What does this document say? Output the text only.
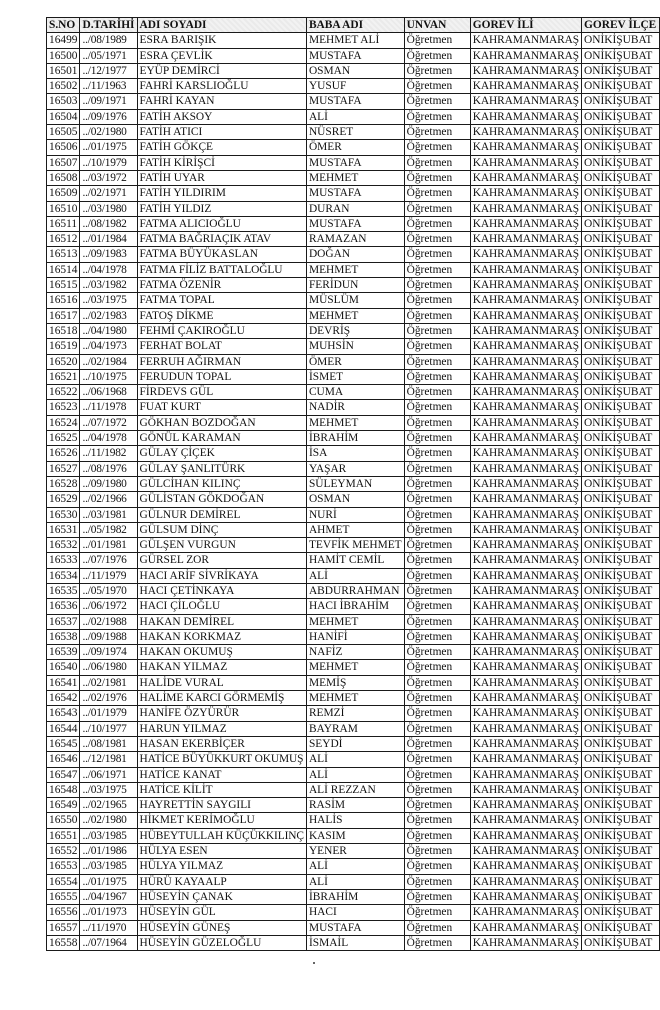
S.NO	D.TARİHİ	ADI SOYADI	BABA ADI	UNVAN	GOREV İLİ	GOREV İLÇE
16499	../08/1989	ESRA BARIŞIK	MEHMET ALİ	Öğretmen	KAHRAMANMARAŞ	ONİKİŞUBAT
16500	../05/1971	ESRA ÇEVLİK	MUSTAFA	Öğretmen	KAHRAMANMARAŞ	ONİKİŞUBAT
16501	../12/1977	EYÜP DEMİRCİ	OSMAN	Öğretmen	KAHRAMANMARAŞ	ONİKİŞUBAT
16502	../11/1963	FAHRİ KARSLIOĞLU	YUSUF	Öğretmen	KAHRAMANMARAŞ	ONİKİŞUBAT
16503	../09/1971	FAHRİ KAYAN	MUSTAFA	Öğretmen	KAHRAMANMARAŞ	ONİKİŞUBAT
16504	../09/1976	FATİH AKSOY	ALİ	Öğretmen	KAHRAMANMARAŞ	ONİKİŞUBAT
16505	../02/1980	FATİH ATICI	NÜSRET	Öğretmen	KAHRAMANMARAŞ	ONİKİŞUBAT
16506	../01/1975	FATİH GÖKÇE	ÖMER	Öğretmen	KAHRAMANMARAŞ	ONİKİŞUBAT
16507	../10/1979	FATİH KİRİŞCİ	MUSTAFA	Öğretmen	KAHRAMANMARAŞ	ONİKİŞUBAT
16508	../03/1972	FATİH UYAR	MEHMET	Öğretmen	KAHRAMANMARAŞ	ONİKİŞUBAT
16509	../02/1971	FATİH YILDIRIM	MUSTAFA	Öğretmen	KAHRAMANMARAŞ	ONİKİŞUBAT
16510	../03/1980	FATİH YILDIZ	DURAN	Öğretmen	KAHRAMANMARAŞ	ONİKİŞUBAT
16511	../08/1982	FATMA ALICIOĞLU	MUSTAFA	Öğretmen	KAHRAMANMARAŞ	ONİKİŞUBAT
16512	../01/1984	FATMA BAĞRIAÇIK ATAV	RAMAZAN	Öğretmen	KAHRAMANMARAŞ	ONİKİŞUBAT
16513	../09/1983	FATMA BÜYÜKASLAN	DOĞAN	Öğretmen	KAHRAMANMARAŞ	ONİKİŞUBAT
16514	../04/1978	FATMA FİLİZ BATTALOĞLU	MEHMET	Öğretmen	KAHRAMANMARAŞ	ONİKİŞUBAT
16515	../03/1982	FATMA ÖZENİR	FERİDUN	Öğretmen	KAHRAMANMARAŞ	ONİKİŞUBAT
16516	../03/1975	FATMA TOPAL	MÜSLÜM	Öğretmen	KAHRAMANMARAŞ	ONİKİŞUBAT
16517	../02/1983	FATOŞ DİKME	MEHMET	Öğretmen	KAHRAMANMARAŞ	ONİKİŞUBAT
16518	../04/1980	FEHMİ ÇAKIROĞLU	DEVRİŞ	Öğretmen	KAHRAMANMARAŞ	ONİKİŞUBAT
16519	../04/1973	FERHAT BOLAT	MUHSİN	Öğretmen	KAHRAMANMARAŞ	ONİKİŞUBAT
16520	../02/1984	FERRUH AĞIRMAN	ÖMER	Öğretmen	KAHRAMANMARAŞ	ONİKİŞUBAT
16521	../10/1975	FERUDUN TOPAL	İSMET	Öğretmen	KAHRAMANMARAŞ	ONİKİŞUBAT
16522	../06/1968	FİRDEVS GÜL	CUMA	Öğretmen	KAHRAMANMARAŞ	ONİKİŞUBAT
16523	../11/1978	FUAT KURT	NADİR	Öğretmen	KAHRAMANMARAŞ	ONİKİŞUBAT
16524	../07/1972	GÖKHAN BOZDOĞAN	MEHMET	Öğretmen	KAHRAMANMARAŞ	ONİKİŞUBAT
16525	../04/1978	GÖNÜL KARAMAN	İBRAHİM	Öğretmen	KAHRAMANMARAŞ	ONİKİŞUBAT
16526	../11/1982	GÜLAY ÇİÇEK	İSA	Öğretmen	KAHRAMANMARAŞ	ONİKİŞUBAT
16527	../08/1976	GÜLAY ŞANLITÜRK	YAŞAR	Öğretmen	KAHRAMANMARAŞ	ONİKİŞUBAT
16528	../09/1980	GÜLCİHAN KILINÇ	SÜLEYMAN	Öğretmen	KAHRAMANMARAŞ	ONİKİŞUBAT
16529	../02/1966	GÜLİSTAN GÖKDOĞAN	OSMAN	Öğretmen	KAHRAMANMARAŞ	ONİKİŞUBAT
16530	../03/1981	GÜLNUR DEMİREL	NURİ	Öğretmen	KAHRAMANMARAŞ	ONİKİŞUBAT
16531	../05/1982	GÜLSUM DİNÇ	AHMET	Öğretmen	KAHRAMANMARAŞ	ONİKİŞUBAT
16532	../01/1981	GÜLŞEN VURGUN	TEVFİK MEHMET	Öğretmen	KAHRAMANMARAŞ	ONİKİŞUBAT
16533	../07/1976	GÜRSEL ZOR	HAMİT CEMİL	Öğretmen	KAHRAMANMARAŞ	ONİKİŞUBAT
16534	../11/1979	HACI ARİF SİVRİKAYA	ALİ	Öğretmen	KAHRAMANMARAŞ	ONİKİŞUBAT
16535	../05/1970	HACI ÇETİNKAYA	ABDURRAHMAN	Öğretmen	KAHRAMANMARAŞ	ONİKİŞUBAT
16536	../06/1972	HACI ÇİLOĞLU	HACI İBRAHİM	Öğretmen	KAHRAMANMARAŞ	ONİKİŞUBAT
16537	../02/1988	HAKAN DEMİREL	MEHMET	Öğretmen	KAHRAMANMARAŞ	ONİKİŞUBAT
16538	../09/1988	HAKAN KORKMAZ	HANİFİ	Öğretmen	KAHRAMANMARAŞ	ONİKİŞUBAT
16539	../09/1974	HAKAN OKUMUŞ	NAFİZ	Öğretmen	KAHRAMANMARAŞ	ONİKİŞUBAT
16540	../06/1980	HAKAN YILMAZ	MEHMET	Öğretmen	KAHRAMANMARAŞ	ONİKİŞUBAT
16541	../02/1981	HALİDE VURAL	MEMİŞ	Öğretmen	KAHRAMANMARAŞ	ONİKİŞUBAT
16542	../02/1976	HALİME KARCI GÖRMEMİŞ	MEHMET	Öğretmen	KAHRAMANMARAŞ	ONİKİŞUBAT
16543	../01/1979	HANİFE ÖZYÜRÜR	REMZİ	Öğretmen	KAHRAMANMARAŞ	ONİKİŞUBAT
16544	../10/1977	HARUN YILMAZ	BAYRAM	Öğretmen	KAHRAMANMARAŞ	ONİKİŞUBAT
16545	../08/1981	HASAN EKERBİÇER	SEYDİ	Öğretmen	KAHRAMANMARAŞ	ONİKİŞUBAT
16546	../12/1981	HATİCE BÜYÜKKURT OKUMUŞ	ALİ	Öğretmen	KAHRAMANMARAŞ	ONİKİŞUBAT
16547	../06/1971	HATİCE KANAT	ALİ	Öğretmen	KAHRAMANMARAŞ	ONİKİŞUBAT
16548	../03/1975	HATİCE KİLİT	ALİ REZZAN	Öğretmen	KAHRAMANMARAŞ	ONİKİŞUBAT
16549	../02/1965	HAYRETTİN SAYGILI	RASİM	Öğretmen	KAHRAMANMARAŞ	ONİKİŞUBAT
16550	../02/1980	HİKMET KERİMOĞLU	HALİS	Öğretmen	KAHRAMANMARAŞ	ONİKİŞUBAT
16551	../03/1985	HÜBEYTULLAH KÜÇÜKKILINÇ	KASIM	Öğretmen	KAHRAMANMARAŞ	ONİKİŞUBAT
16552	../01/1986	HÜLYA ESEN	YENER	Öğretmen	KAHRAMANMARAŞ	ONİKİŞUBAT
16553	../03/1985	HÜLYA YILMAZ	ALİ	Öğretmen	KAHRAMANMARAŞ	ONİKİŞUBAT
16554	../01/1975	HÜRÜ KAYAALP	ALİ	Öğretmen	KAHRAMANMARAŞ	ONİKİŞUBAT
16555	../04/1967	HÜSEYİN ÇANAK	İBRAHİM	Öğretmen	KAHRAMANMARAŞ	ONİKİŞUBAT
16556	../01/1973	HÜSEYİN GÜL	HACI	Öğretmen	KAHRAMANMARAŞ	ONİKİŞUBAT
16557	../11/1970	HÜSEYİN GÜNEŞ	MUSTAFA	Öğretmen	KAHRAMANMARAŞ	ONİKİŞUBAT
16558	../07/1964	HÜSEYİN GÜZELOĞLU	İSMAİL	Öğretmen	KAHRAMANMARAŞ	ONİKİŞUBAT
